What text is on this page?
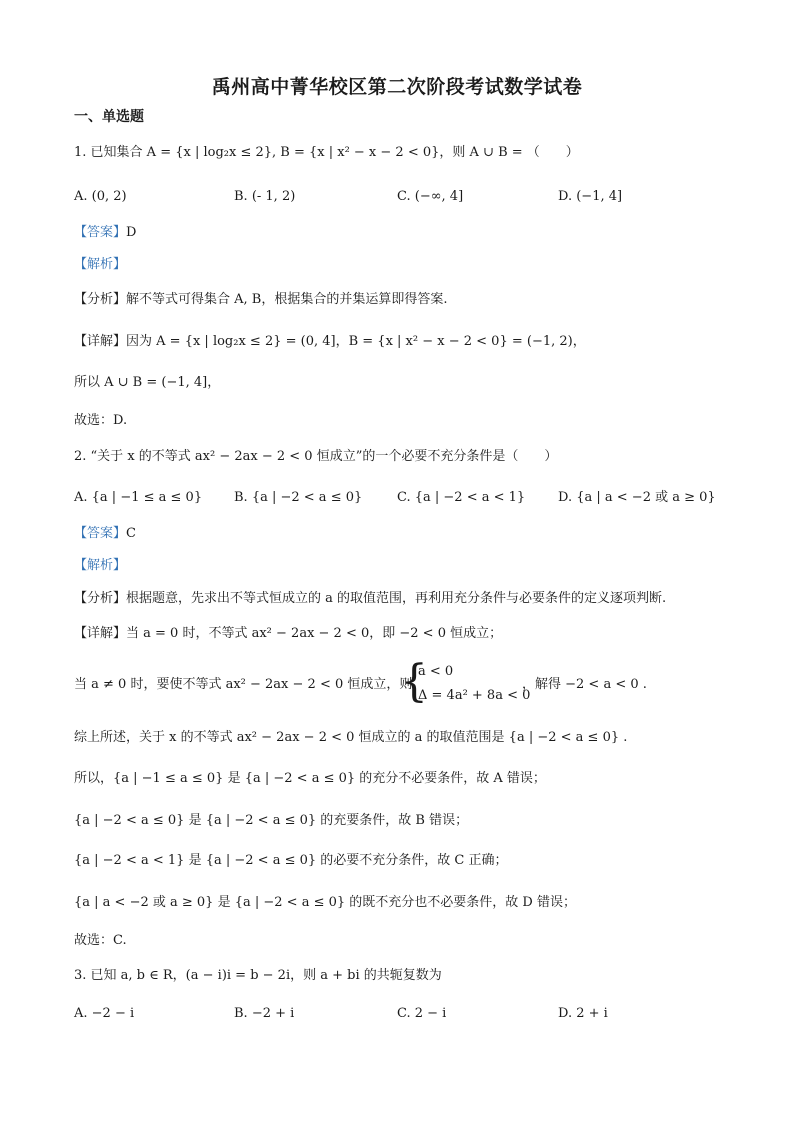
禹州高中菁华校区第二次阶段考试数学试卷
一、单选题
1. 已知集合 A = {x | log₂x ≤ 2}, B = {x | x² − x − 2 < 0}，则 A ∪ B = （　　）
A. (0, 2)	B. (- 1, 2)	C. (−∞, 4]	D. (−1, 4]
【答案】D
【解析】
【分析】解不等式可得集合 A, B，根据集合的并集运算即得答案.
【详解】因为 A = {x | log₂x ≤ 2} = (0, 4]，B = {x | x² − x − 2 < 0} = (−1, 2)，
所以 A ∪ B = (−1, 4]，
故选：D.
2. “关于 x 的不等式 ax² − 2ax − 2 < 0 恒成立”的一个必要不充分条件是（　　）
A. {a | −1 ≤ a ≤ 0} B. {a | −2 < a ≤ 0}	C. {a | −2 < a < 1}	D. {a | a < −2 或 a ≥ 0}
【答案】C
【解析】
【分析】根据题意，先求出不等式恒成立的 a 的取值范围，再利用充分条件与必要条件的定义逐项判断.
【详解】当 a = 0 时，不等式 ax² − 2ax − 2 < 0，即 −2 < 0 恒成立；
当 a ≠ 0 时，要使不等式 ax² − 2ax − 2 < 0 恒成立，则
{
a < 0
Δ = 4a² + 8a < 0
，解得 −2 < a < 0 .
综上所述，关于 x 的不等式 ax² − 2ax − 2 < 0 恒成立的 a 的取值范围是 {a | −2 < a ≤ 0} .
所以，{a | −1 ≤ a ≤ 0} 是 {a | −2 < a ≤ 0} 的充分不必要条件，故 A 错误；
{a | −2 < a ≤ 0} 是 {a | −2 < a ≤ 0} 的充要条件，故 B 错误；
{a | −2 < a < 1} 是 {a | −2 < a ≤ 0} 的必要不充分条件，故 C 正确；
{a | a < −2 或 a ≥ 0} 是 {a | −2 < a ≤ 0} 的既不充分也不必要条件，故 D 错误；
故选：C.
3. 已知 a, b ∈ R，(a − i)i = b − 2i，则 a + bi 的共轭复数为
A. −2 − i	B. −2 + i	C. 2 − i	D. 2 + i
